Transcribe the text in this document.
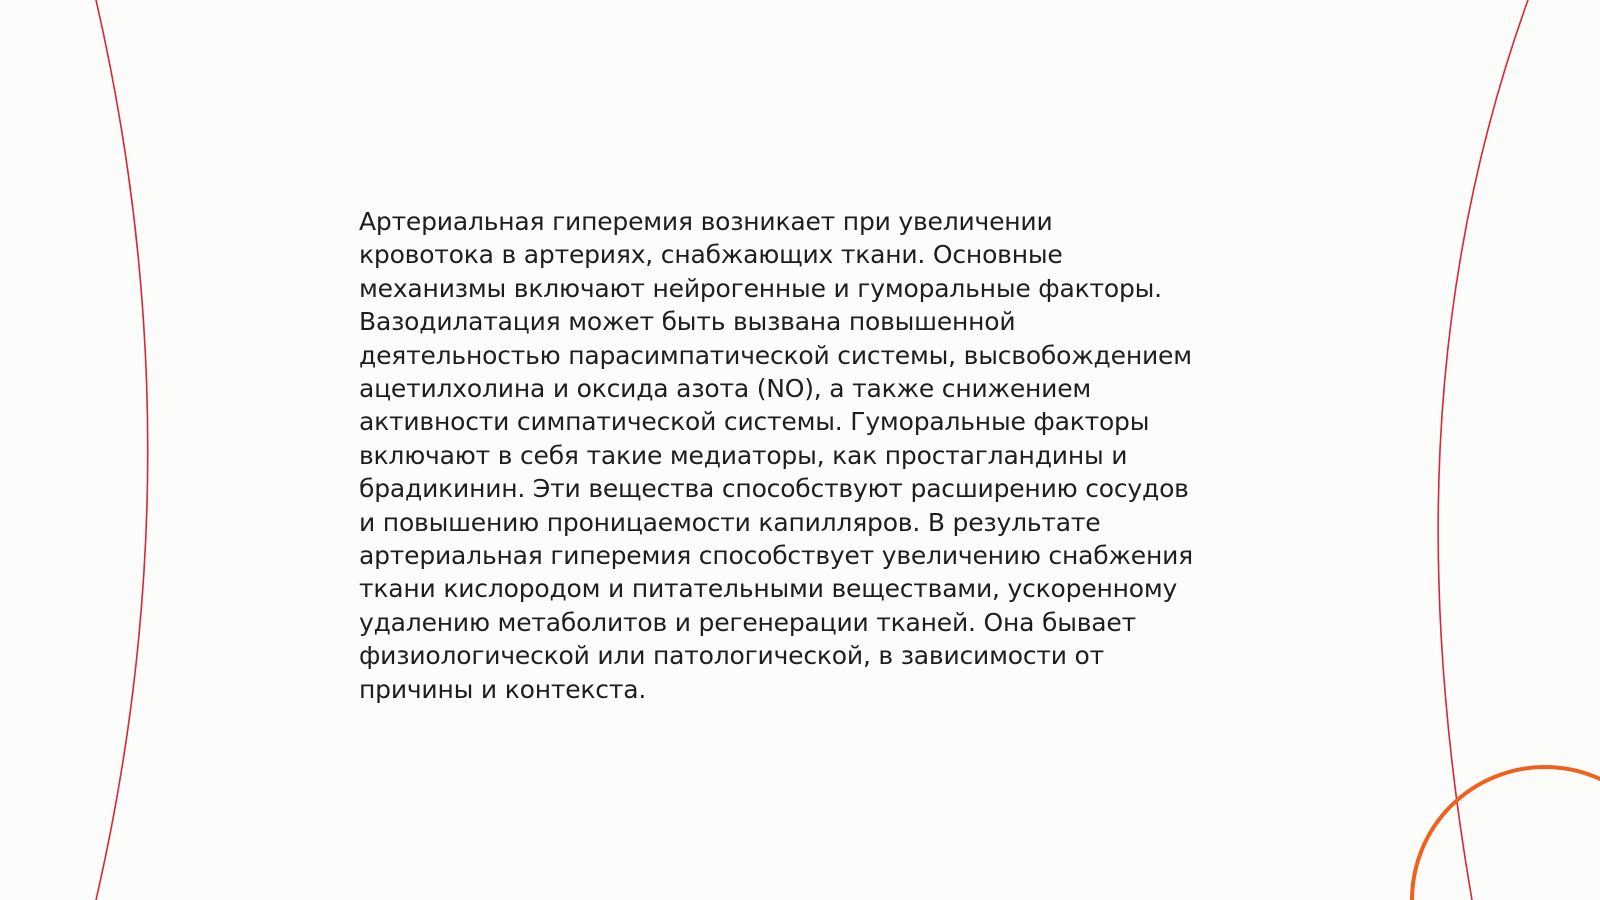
Артериальная гиперемия возникает при увеличении
кровотока в артериях, снабжающих ткани. Основные
механизмы включают нейрогенные и гуморальные факторы.
Вазодилатация может быть вызвана повышенной
деятельностью парасимпатической системы, высвобождением
ацетилхолина и оксида азота (NO), а также снижением
активности симпатической системы. Гуморальные факторы
включают в себя такие медиаторы, как простагландины и
брадикинин. Эти вещества способствуют расширению сосудов
и повышению проницаемости капилляров. В результате
артериальная гиперемия способствует увеличению снабжения
ткани кислородом и питательными веществами, ускоренному
удалению метаболитов и регенерации тканей. Она бывает
физиологической или патологической, в зависимости от
причины и контекста.
